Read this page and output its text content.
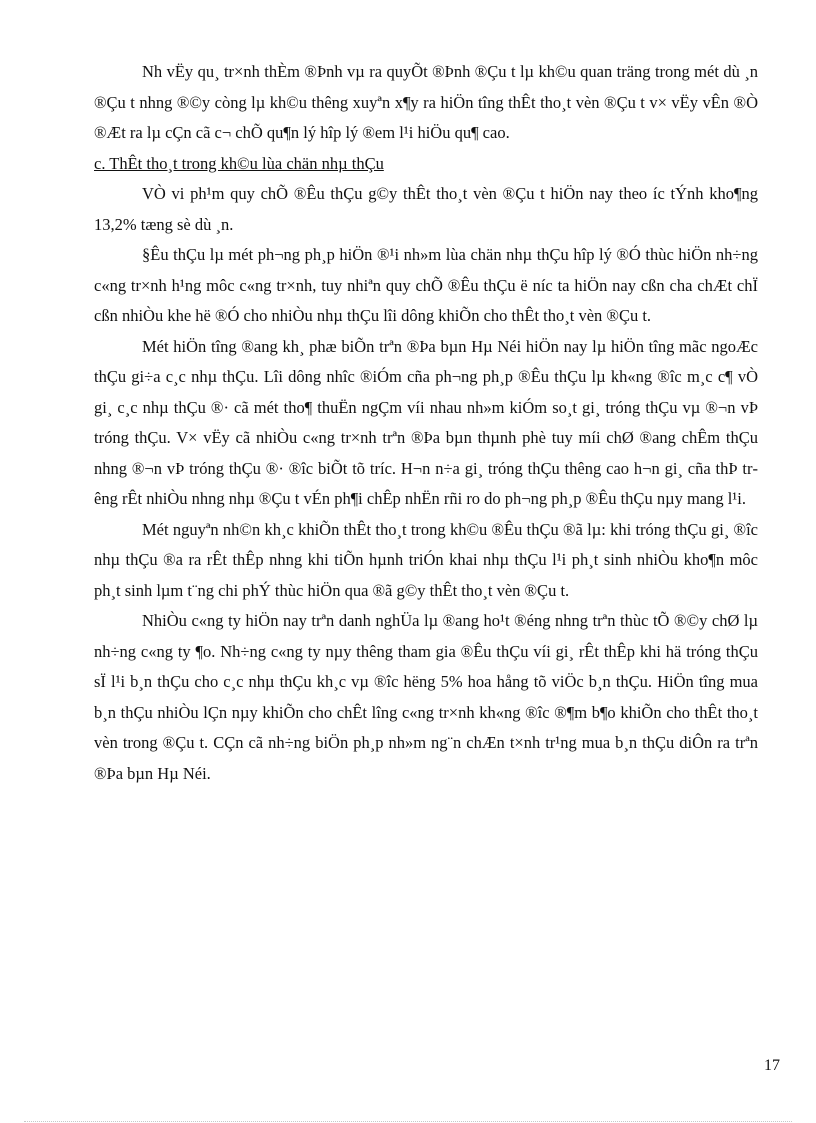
Nh vËy qu¸ tr×nh thÈm ®Þnh vµ ra quyÕt ®Þnh ®Çu t lµ kh©u quan träng trong mét dù ¸n ®Çu t nhng ®©y còng lµ kh©u thêng xuyªn x¶y ra hiÖn tîng thÊt tho¸t vèn ®Çu t v× vËy vÊn ®Ò ®Æt ra lµ cÇn cã c¬ chÕ qu¶n lý hîp lý ®em l¹i hiÖu qu¶ cao.

c. ThÊt tho¸t trong kh©u lùa chän nhµ thÇu

VÒ vi ph¹m quy chÕ ®Êu thÇu g©y thÊt tho¸t vèn ®Çu t hiÖn nay theo íc tÝnh kho¶ng 13,2% tæng sè dù ¸n.

§Êu thÇu lµ mét ph¬ng ph¸p hiÖn ®¹i nh»m lùa chän nhµ thÇu hîp lý ®Ó thùc hiÖn nh÷ng c«ng tr×nh h¹ng môc c«ng tr×nh, tuy nhiªn quy chÕ ®Êu thÇu ë níc ta hiÖn nay cßn cha chÆt chÏ cßn nhiÒu khe hë ®Ó cho nhiÒu nhµ thÇu lîi dông khiÕn cho thÊt tho¸t vèn ®Çu t.

Mét hiÖn tîng ®ang kh¸ phæ biÕn trªn ®Þa bµn Hµ Néi hiÖn nay lµ hiÖn tîng mãc ngoÆc thÇu gi÷a c¸c nhµ thÇu. Lîi dông nhîc ®iÓm cña ph¬ng ph¸p ®Êu thÇu lµ kh«ng ®îc m¸c c¶ vÒ gi¸ c¸c nhµ thÇu ®· cã mét tho¶ thuËn ngÇm víi nhau nh»m kiÓm so¸t gi¸ tróng thÇu vµ ®¬n vÞ tróng thÇu. V× vËy cã nhiÒu c«ng tr×nh trªn ®Þa bµn thµnh phè tuy míi chØ ®ang chÊm thÇu nhng ®¬n vÞ tróng thÇu ®· ®îc biÕt tõ tríc. H¬n n÷a gi¸ tróng thÇu thêng cao h¬n gi¸ cña thÞ trêng rÊt nhiÒu nhng nhµ ®Çu t vÉn ph¶i chÊp nhËn rñi ro do ph¬ng ph¸p ®Êu thÇu nµy mang l¹i.

Mét nguyªn nh©n kh¸c khiÕn thÊt tho¸t trong kh©u ®Êu thÇu ®ã lµ: khi tróng thÇu gi¸ ®îc nhµ thÇu ®a ra rÊt thÊp nhng khi tiÕn hµnh triÓn khai nhµ thÇu l¹i ph¸t sinh nhiÒu kho¶n môc ph¸t sinh lµm t¨ng chi phÝ thùc hiÖn qua ®ã g©y thÊt tho¸t vèn ®Çu t.

NhiÒu c«ng ty hiÖn nay trªn danh nghÜa lµ ®ang ho¹t ®éng nhng trªn thùc tÕ ®©y chØ lµ nh÷ng c«ng ty ¶o. Nh÷ng c«ng ty nµy thêng tham gia ®Êu thÇu víi gi¸ rÊt thÊp khi hä tróng thÇu sÏ l¹i b¸n thÇu cho c¸c nhµ thÇu kh¸c vµ ®îc hëng 5% hoa hång tõ viÖc b¸n thÇu. HiÖn tîng mua b¸n thÇu nhiÒu lÇn nµy khiÕn cho chÊt lîng c«ng tr×nh kh«ng ®îc ®¶m b¶o khiÕn cho thÊt tho¸t vèn trong ®Çu t. CÇn cã nh÷ng biÖn ph¸p nh»m ng¨n chÆn t×nh tr¹ng mua b¸n thÇu diÔn ra trªn ®Þa bµn Hµ Néi.

17
